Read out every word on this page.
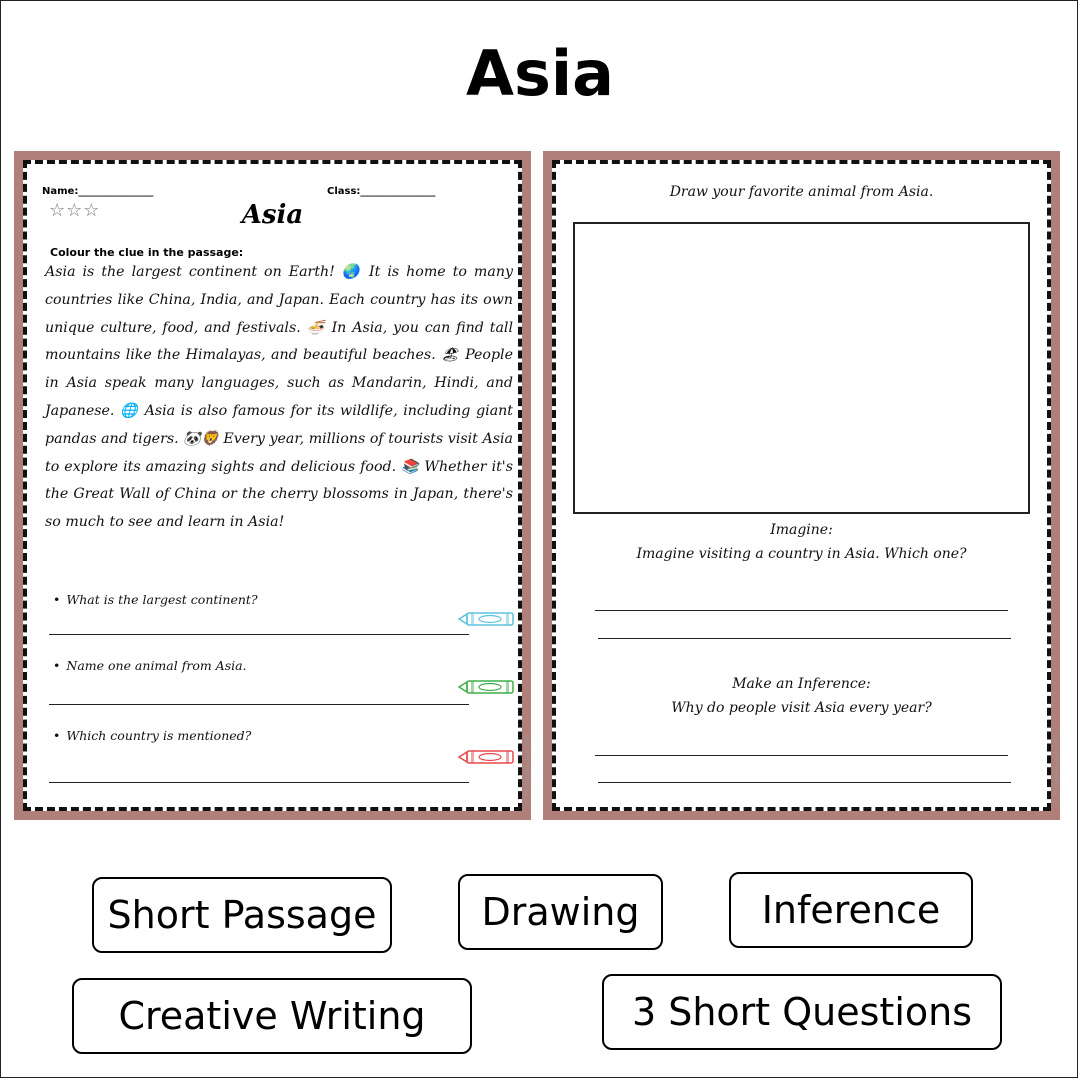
Asia
Name:_______________	Class:_______________
☆☆☆	Asia
Colour the clue in the passage:
Asia is the largest continent on Earth! 🌏 It is home to many countries like China, India, and Japan. Each country has its own unique culture, food, and festivals. 🍜 In Asia, you can find tall mountains like the Himalayas, and beautiful beaches. 🏖 People in Asia speak many languages, such as Mandarin, Hindi, and Japanese. 🌐 Asia is also famous for its wildlife, including giant pandas and tigers. 🐼🦁 Every year, millions of tourists visit Asia to explore its amazing sights and delicious food. 📚 Whether it's the Great Wall of China or the cherry blossoms in Japan, there's so much to see and learn in Asia!
• What is the largest continent?
• Name one animal from Asia.
• Which country is mentioned?	© PrintableBazaar.com
Draw your favorite animal from Asia.
Imagine:
Imagine visiting a country in Asia. Which one?
Make an Inference:
Why do people visit Asia every year?
© PrintableBazaar.com
Short Passage	Drawing	Inference
Creative Writing	3 Short Questions
